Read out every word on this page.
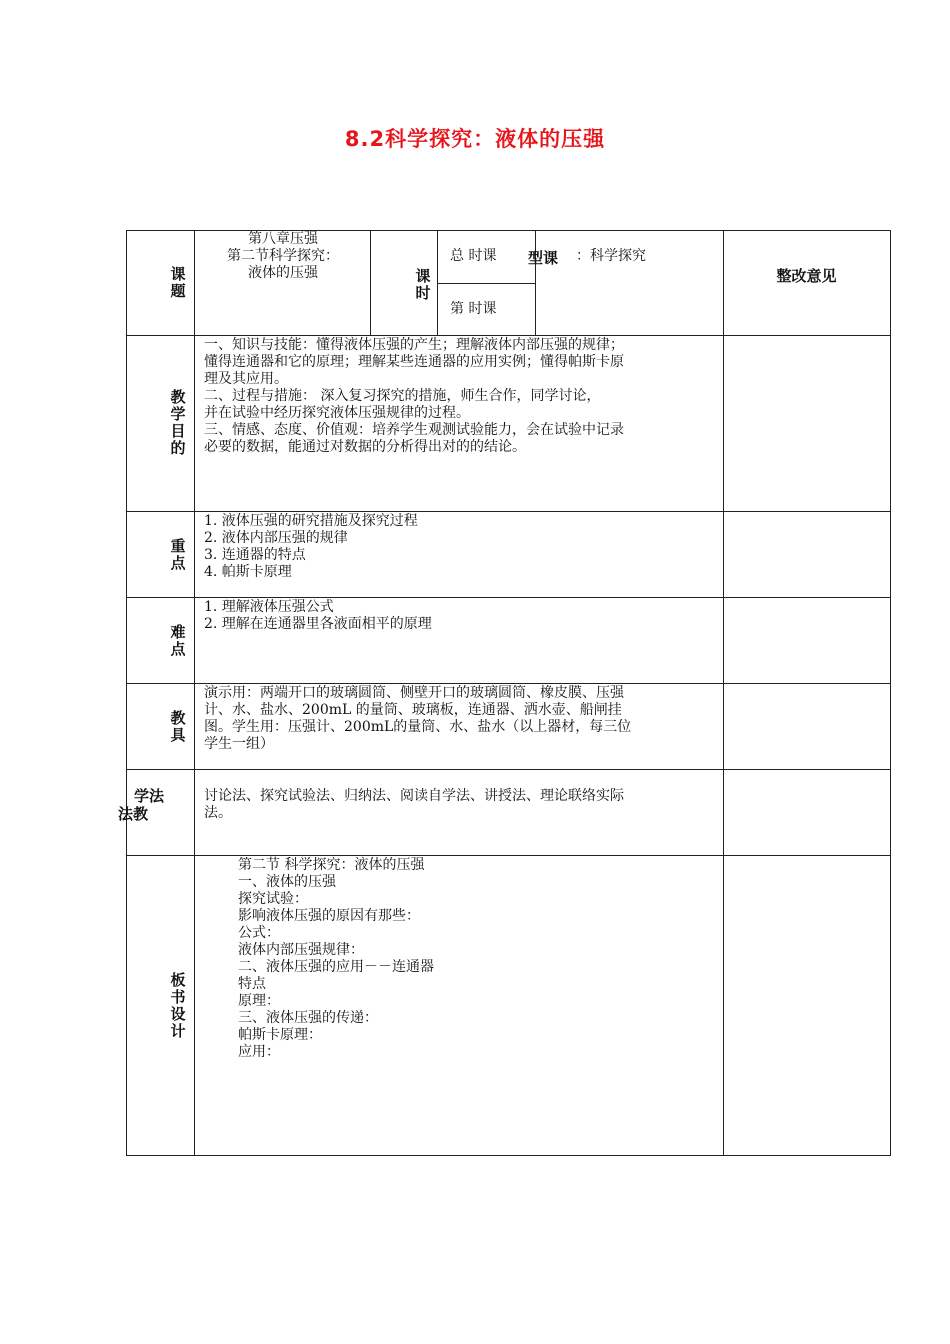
8.2科学探究：液体的压强
课
题
第八章压强
第二节科学探究：
液体的压强	课
时
总 时课 型课 ：科学探究
第 时课
整改意见
教
学
目
的
一、知识与技能：懂得液体压强的产生；理解液体内部压强的规律；
懂得连通器和它的原理；理解某些连通器的应用实例；懂得帕斯卡原
理及其应用。
二、过程与措施： 深入复习探究的措施，师生合作，同学讨论，
并在试验中经历探究液体压强规律的过程。
三、情感、态度、价值观：培养学生观测试验能力，会在试验中记录
必要的数据，能通过对数据的分析得出对的的结论。
重
点
1. 液体压强的研究措施及探究过程
2. 液体内部压强的规律
3. 连通器的特点
4. 帕斯卡原理
难
点
1. 理解液体压强公式
2. 理解在连通器里各液面相平的原理
教
具
演示用：两端开口的玻璃圆筒、侧壁开口的玻璃圆筒、橡皮膜、压强
计、水、盐水、200mL 的量筒、玻璃板，连通器、洒水壶、船闸挂
图。学生用：压强计、200mL的量筒、水、盐水（以上器材，每三位
学生一组）
学法
法教
讨论法、探究试验法、归纳法、阅读自学法、讲授法、理论联络实际
法。
板
书
设
计
第二节 科学探究：液体的压强
一、液体的压强
探究试验：
影响液体压强的原因有那些：
公式：
液体内部压强规律：
二、液体压强的应用－－连通器
特点
原理：
三、液体压强的传递：
帕斯卡原理：
应用：
